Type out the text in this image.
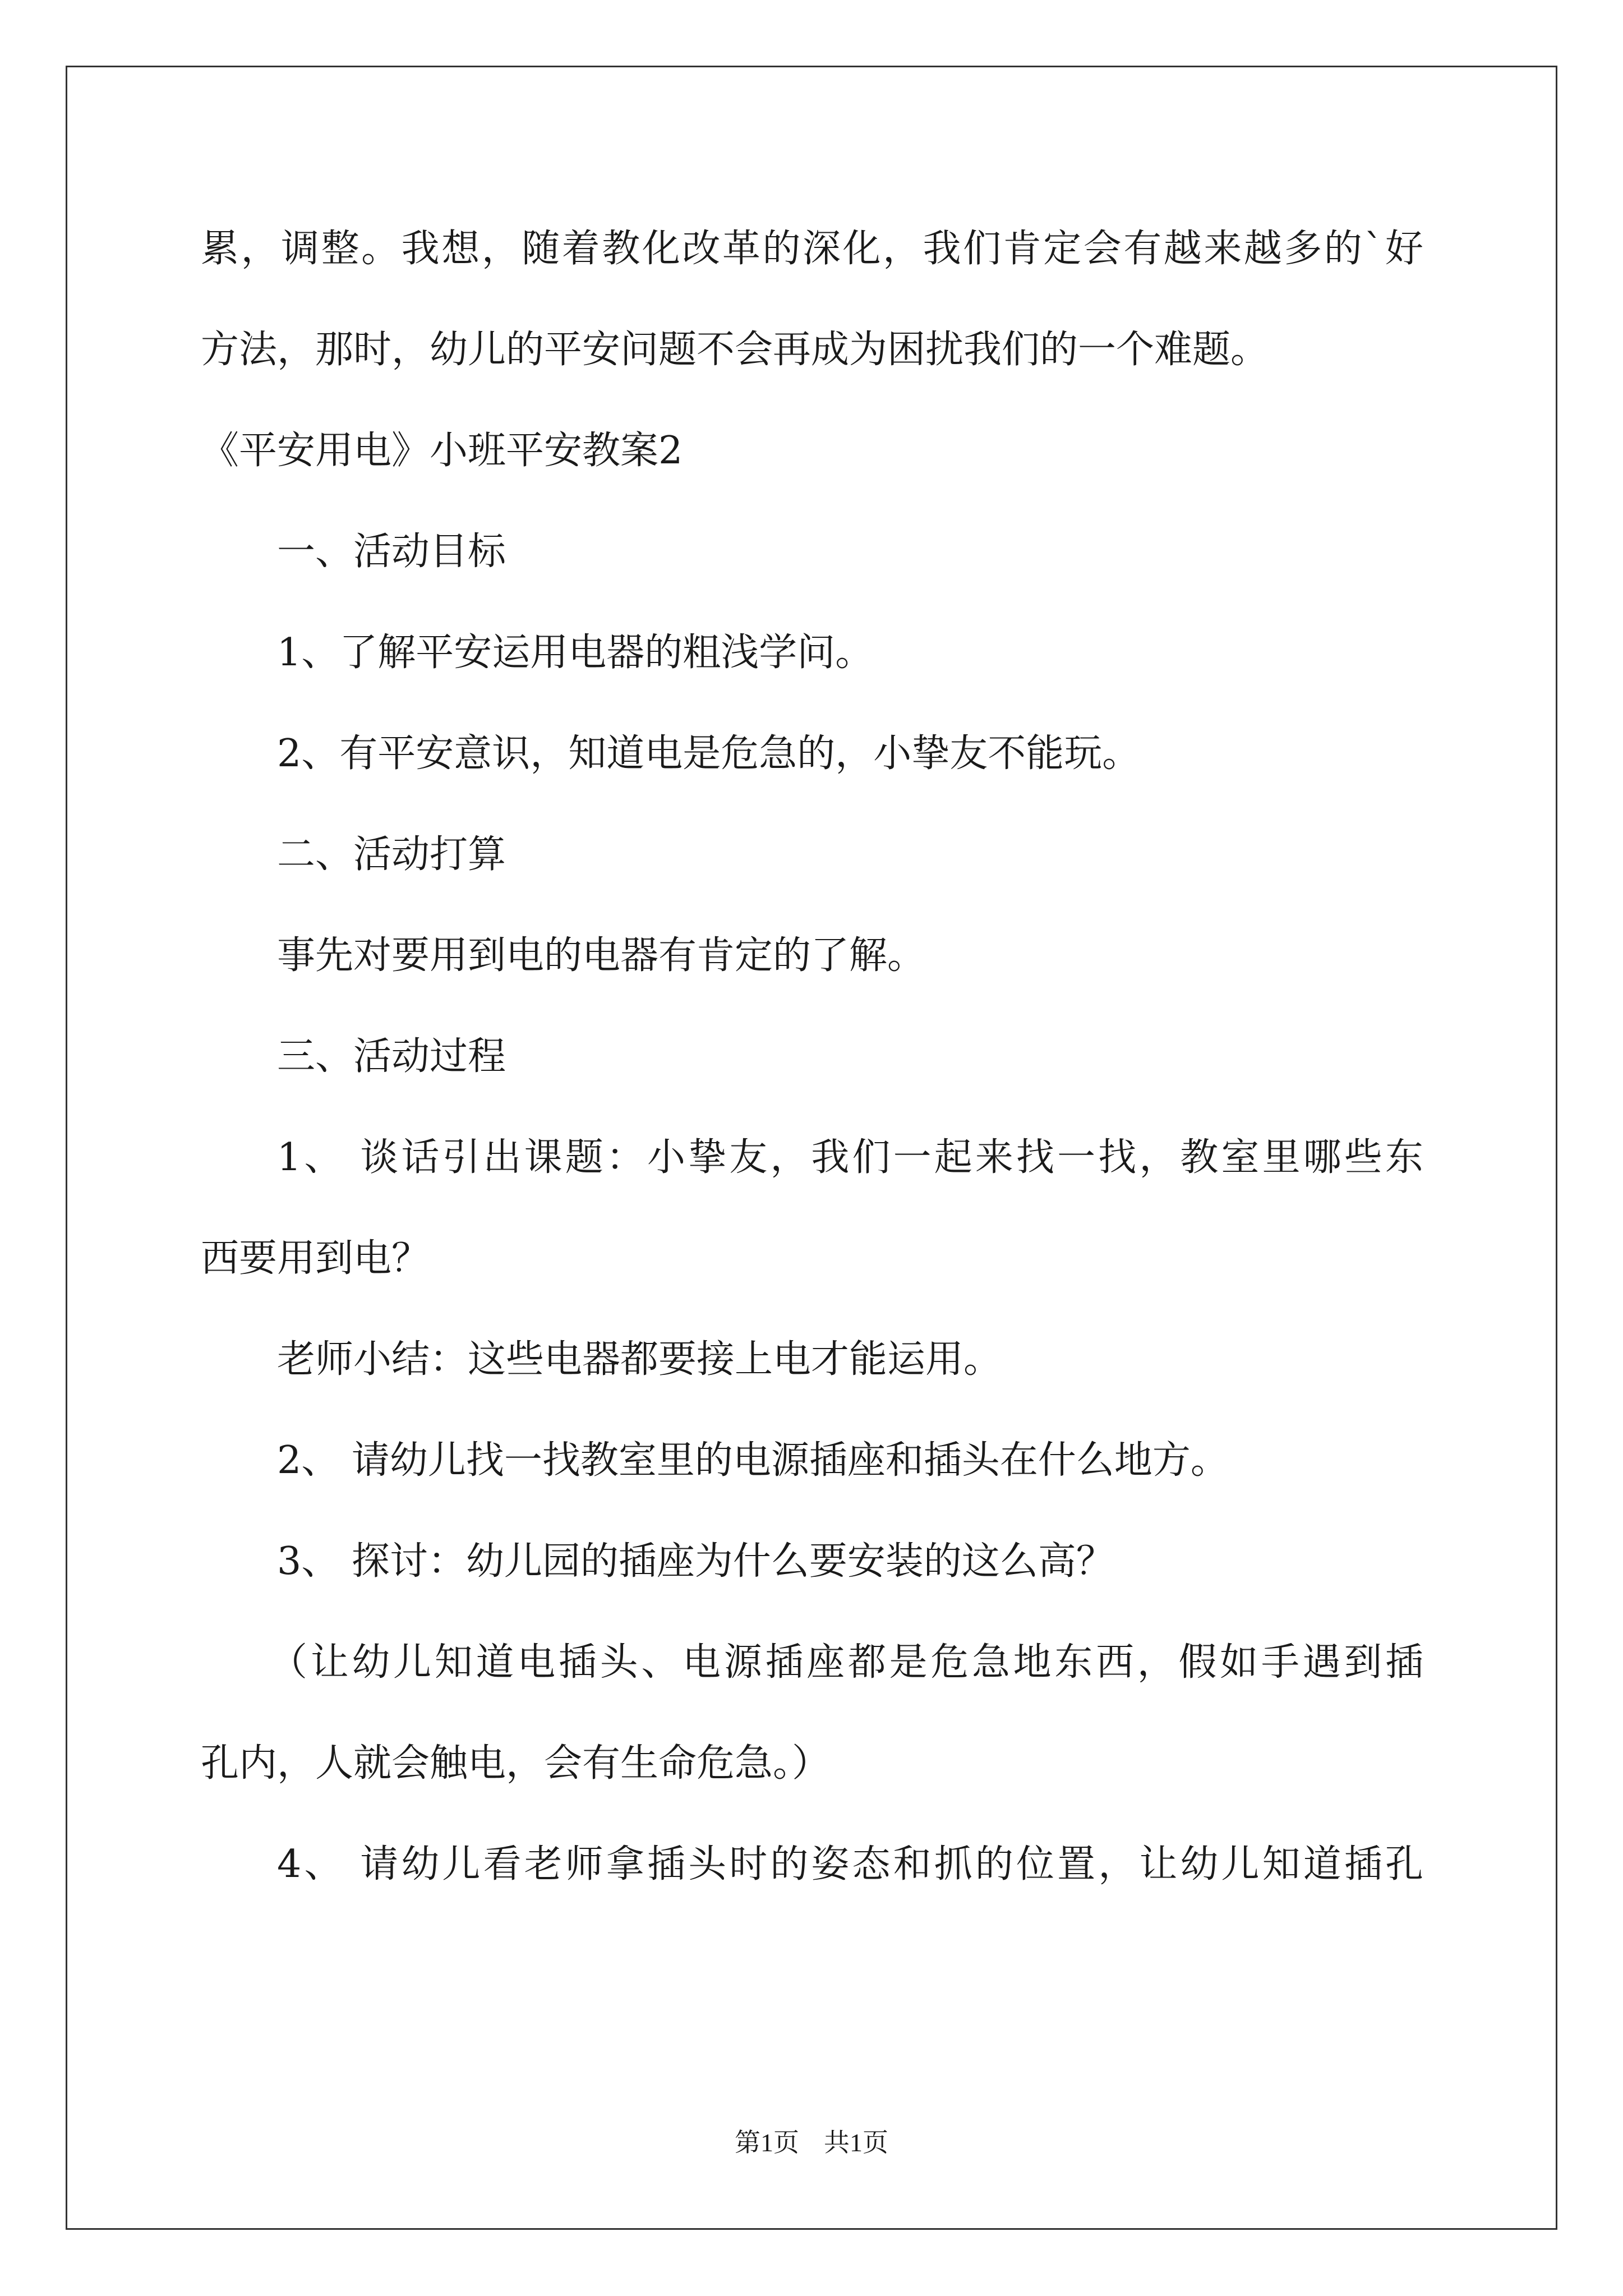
累，调整。我想，随着教化改革的深化，我们肯定会有越来越多的`好
方法，那时，幼儿的平安问题不会再成为困扰我们的一个难题。
《平安用电》小班平安教案2
一、活动目标
1、了解平安运用电器的粗浅学问。
2、有平安意识，知道电是危急的，小挚友不能玩。
二、活动打算
事先对要用到电的电器有肯定的了解。
三、活动过程
1、 谈话引出课题：小挚友，我们一起来找一找，教室里哪些东
西要用到电？
老师小结：这些电器都要接上电才能运用。
2、 请幼儿找一找教室里的电源插座和插头在什么地方。
3、 探讨：幼儿园的插座为什么要安装的这么高？
（让幼儿知道电插头、电源插座都是危急地东西，假如手遇到插
孔内，人就会触电，会有生命危急。）
4、 请幼儿看老师拿插头时的姿态和抓的位置，让幼儿知道插孔
第1页 共1页
